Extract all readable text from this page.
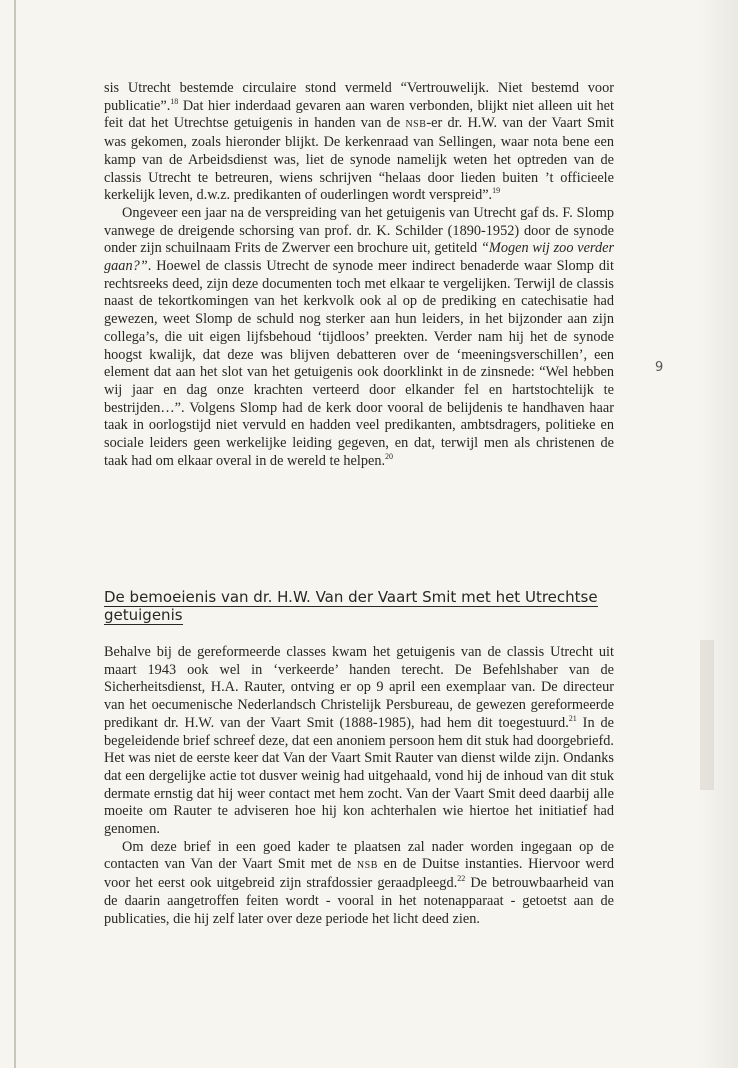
9

sis Utrecht bestemde circulaire stond vermeld “Vertrouwelijk. Niet bestemd voor publicatie”.$^{18}$ Dat hier inderdaad gevaren aan waren verbonden, blijkt niet alleen uit het feit dat het Utrechtse getuigenis in handen van de NSB-er dr. H.W. van der Vaart Smit was gekomen, zoals hieronder blijkt. De kerkenraad van Sellingen, waar nota bene een kamp van de Arbeidsdienst was, liet de synode namelijk weten het optreden van de classis Utrecht te betreuren, wiens schrijven “helaas door lieden buiten ’t officieele kerkelijk leven, d.w.z. predikanten of ouderlingen wordt verspreid”.$^{19}$

Ongeveer een jaar na de verspreiding van het getuigenis van Utrecht gaf ds. F. Slomp vanwege de dreigende schorsing van prof. dr. K. Schilder (1890-1952) door de synode onder zijn schuilnaam Frits de Zwerver een brochure uit, getiteld “Mogen wij zoo verder gaan?”. Hoewel de classis Utrecht de synode meer indirect benaderde waar Slomp dit rechtsreeks deed, zijn deze documenten toch met elkaar te vergelijken. Terwijl de classis naast de tekortkomingen van het kerkvolk ook al op de prediking en catechisatie had gewezen, weet Slomp de schuld nog sterker aan hun leiders, in het bijzonder aan zijn collega’s, die uit eigen lijfsbehoud ‘tijdloos’ preekten. Verder nam hij het de synode hoogst kwalijk, dat deze was blijven debatteren over de ‘meeningsverschillen’, een element dat aan het slot van het getuigenis ook doorklinkt in de zinsnede: “Wel hebben wij jaar en dag onze krachten verteerd door elkander fel en hartstochtelijk te bestrijden…”. Volgens Slomp had de kerk door vooral de belijdenis te handhaven haar taak in oorlogstijd niet vervuld en hadden veel predikanten, ambtsdragers, politieke en sociale leiders geen werkelijke leiding gegeven, en dat, terwijl men als christenen de taak had om elkaar overal in de wereld te helpen.$^{20}$

De bemoeienis van dr. H.W. Van der Vaart Smit met het Utrechtse getuigenis

Behalve bij de gereformeerde classes kwam het getuigenis van de classis Utrecht uit maart 1943 ook wel in ‘verkeerde’ handen terecht. De Befehlshaber van de Sicherheitsdienst, H.A. Rauter, ontving er op 9 april een exemplaar van. De directeur van het oecumenische Nederlandsch Christelijk Persbureau, de gewezen gereformeerde predikant dr. H.W. van der Vaart Smit (1888-1985), had hem dit toegestuurd.$^{21}$ In de begeleidende brief schreef deze, dat een anoniem persoon hem dit stuk had doorgebriefd. Het was niet de eerste keer dat Van der Vaart Smit Rauter van dienst wilde zijn. Ondanks dat een dergelijke actie tot dusver weinig had uitgehaald, vond hij de inhoud van dit stuk dermate ernstig dat hij weer contact met hem zocht. Van der Vaart Smit deed daarbij alle moeite om Rauter te adviseren hoe hij kon achterhalen wie hiertoe het initiatief had genomen.

Om deze brief in een goed kader te plaatsen zal nader worden ingegaan op de contacten van Van der Vaart Smit met de NSB en de Duitse instanties. Hiervoor werd voor het eerst ook uitgebreid zijn strafdossier geraadpleegd.$^{22}$ De betrouwbaarheid van de daarin aangetroffen feiten wordt - vooral in het notenapparaat - getoetst aan de publicaties, die hij zelf later over deze periode het licht deed zien.
